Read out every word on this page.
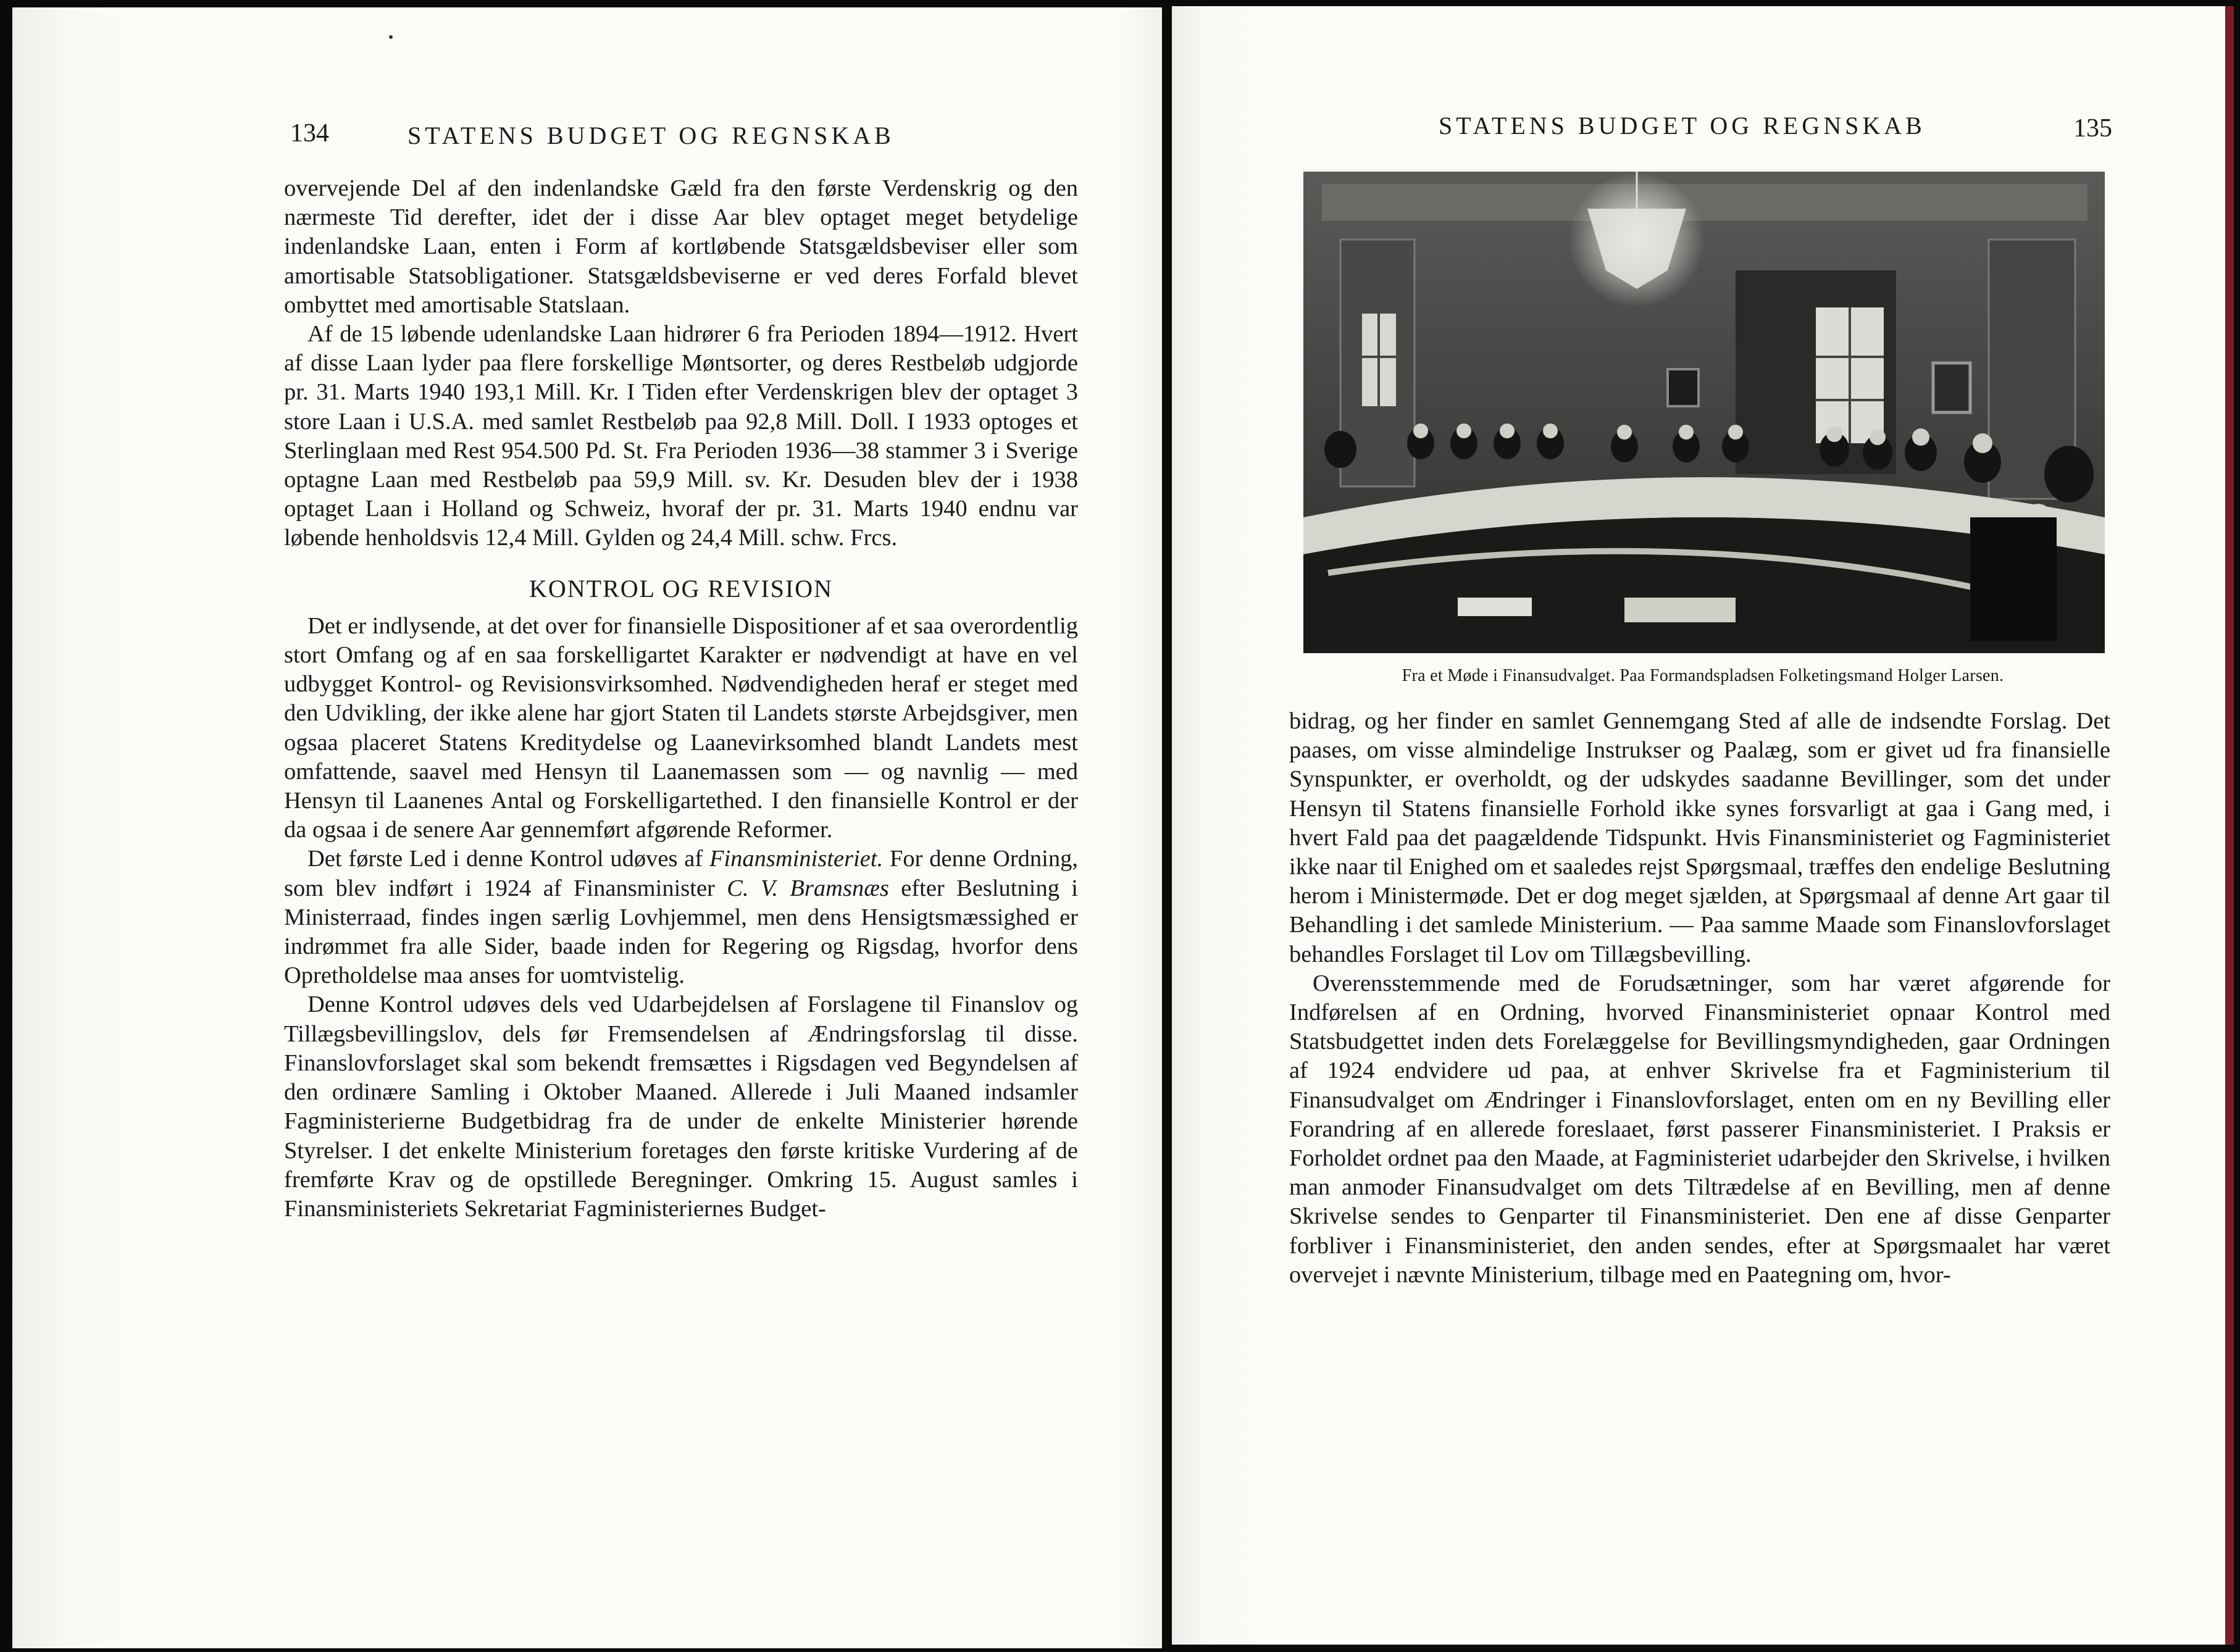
134	STATENS BUDGET OG REGNSKAB

overvejende Del af den indenlandske Gæld fra den første Verdenskrig og den nærmeste Tid derefter, idet der i disse Aar blev optaget meget betydelige indenlandske Laan, enten i Form af kortløbende Statsgældsbeviser eller som amortisable Statsobligationer. Statsgældsbeviserne er ved deres Forfald blevet ombyttet med amortisable Statslaan.

Af de 15 løbende udenlandske Laan hidrører 6 fra Perioden 1894—1912. Hvert af disse Laan lyder paa flere forskellige Møntsorter, og deres Restbeløb udgjorde pr. 31. Marts 1940 193,1 Mill. Kr. I Tiden efter Verdenskrigen blev der optaget 3 store Laan i U.S.A. med samlet Restbeløb paa 92,8 Mill. Doll. I 1933 optoges et Sterlinglaan med Rest 954.500 Pd. St. Fra Perioden 1936—38 stammer 3 i Sverige optagne Laan med Restbeløb paa 59,9 Mill. sv. Kr. Desuden blev der i 1938 optaget Laan i Holland og Schweiz, hvoraf der pr. 31. Marts 1940 endnu var løbende henholdsvis 12,4 Mill. Gylden og 24,4 Mill. schw. Frcs.

KONTROL OG REVISION

Det er indlysende, at det over for finansielle Dispositioner af et saa overordentlig stort Omfang og af en saa forskelligartet Karakter er nødvendigt at have en vel udbygget Kontrol- og Revisionsvirksomhed. Nødvendigheden heraf er steget med den Udvikling, der ikke alene har gjort Staten til Landets største Arbejdsgiver, men ogsaa placeret Statens Kreditydelse og Laanevirksomhed blandt Landets mest omfattende, saavel med Hensyn til Laanemassen som — og navnlig — med Hensyn til Laanenes Antal og Forskelligartethed. I den finansielle Kontrol er der da ogsaa i de senere Aar gennemført afgørende Reformer.

Det første Led i denne Kontrol udøves af Finansministeriet. For denne Ordning, som blev indført i 1924 af Finansminister C. V. Bramsnæs efter Beslutning i Ministerraad, findes ingen særlig Lovhjemmel, men dens Hensigtsmæssighed er indrømmet fra alle Sider, baade inden for Regering og Rigsdag, hvorfor dens Opretholdelse maa anses for uomtvistelig.

Denne Kontrol udøves dels ved Udarbejdelsen af Forslagene til Finanslov og Tillægsbevillingslov, dels før Fremsendelsen af Ændringsforslag til disse. Finanslovforslaget skal som bekendt fremsættes i Rigsdagen ved Begyndelsen af den ordinære Samling i Oktober Maaned. Allerede i Juli Maaned indsamler Fagministerierne Budgetbidrag fra de under de enkelte Ministerier hørende Styrelser. I det enkelte Ministerium foretages den første kritiske Vurdering af de fremførte Krav og de opstillede Beregninger. Omkring 15. August samles i Finansministeriets Sekretariat Fagministeriernes Budget-

STATENS BUDGET OG REGNSKAB	135
Fra et Møde i Finansudvalget. Paa Formandspladsen Folketingsmand Holger Larsen.

bidrag, og her finder en samlet Gennemgang Sted af alle de indsendte Forslag. Det paases, om visse almindelige Instrukser og Paalæg, som er givet ud fra finansielle Synspunkter, er overholdt, og der udskydes saadanne Bevillinger, som det under Hensyn til Statens finansielle Forhold ikke synes forsvarligt at gaa i Gang med, i hvert Fald paa det paagældende Tidspunkt. Hvis Finansministeriet og Fagministeriet ikke naar til Enighed om et saaledes rejst Spørgsmaal, træffes den endelige Beslutning herom i Ministermøde. Det er dog meget sjælden, at Spørgsmaal af denne Art gaar til Behandling i det samlede Ministerium. — Paa samme Maade som Finanslovforslaget behandles Forslaget til Lov om Tillægsbevilling.

Overensstemmende med de Forudsætninger, som har været afgørende for Indførelsen af en Ordning, hvorved Finansministeriet opnaar Kontrol med Statsbudgettet inden dets Forelæggelse for Bevillingsmyndigheden, gaar Ordningen af 1924 endvidere ud paa, at enhver Skrivelse fra et Fagministerium til Finansudvalget om Ændringer i Finanslovforslaget, enten om en ny Bevilling eller Forandring af en allerede foreslaaet, først passerer Finansministeriet. I Praksis er Forholdet ordnet paa den Maade, at Fagministeriet udarbejder den Skrivelse, i hvilken man anmoder Finansudvalget om dets Tiltrædelse af en Bevilling, men af denne Skrivelse sendes to Genparter til Finansministeriet. Den ene af disse Genparter forbliver i Finansministeriet, den anden sendes, efter at Spørgsmaalet har været overvejet i nævnte Ministerium, tilbage med en Paategning om, hvor-
